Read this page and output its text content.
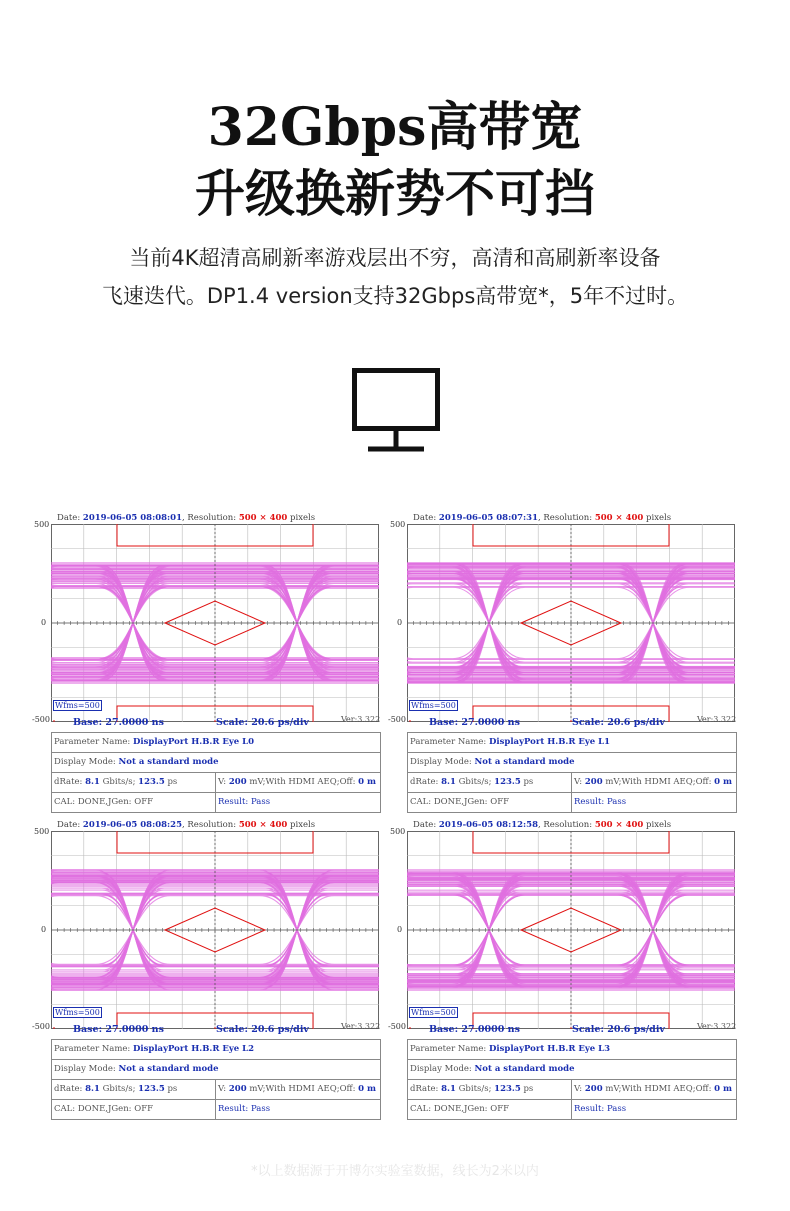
32Gbps高带宽
升级换新势不可挡
当前4K超清高刷新率游戏层出不穷，高清和高刷新率设备
飞速迭代。DP1.4 version支持32Gbps高带宽*，5年不过时。
500
0
-500
Date: 2019-06-05 08:08:01, Resolution: 500 × 400 pixels
Wfms=500
Base: 27.0000 ns	Scale: 20.6 ps/div	Ver:3.322
Parameter Name: DisplayPort H.B.R Eye L0
Display Mode: Not a standard mode
dRate: 8.1 Gbits/s; 123.5 ps	V: 200 mV;With HDMI AEQ;Off: 0 m
CAL: DONE,JGen: OFF	Result: Pass
500
0
-500
Date: 2019-06-05 08:07:31, Resolution: 500 × 400 pixels
Wfms=500
Base: 27.0000 ns	Scale: 20.6 ps/div	Ver:3.322
Parameter Name: DisplayPort H.B.R Eye L1
Display Mode: Not a standard mode
dRate: 8.1 Gbits/s; 123.5 ps	V: 200 mV;With HDMI AEQ;Off: 0 m
CAL: DONE,JGen: OFF	Result: Pass
500
0
-500
Date: 2019-06-05 08:08:25, Resolution: 500 × 400 pixels
Wfms=500
Base: 27.0000 ns	Scale: 20.6 ps/div	Ver:3.322
Parameter Name: DisplayPort H.B.R Eye L2
Display Mode: Not a standard mode
dRate: 8.1 Gbits/s; 123.5 ps	V: 200 mV;With HDMI AEQ;Off: 0 m
CAL: DONE,JGen: OFF	Result: Pass
500
0
-500
Date: 2019-06-05 08:12:58, Resolution: 500 × 400 pixels
Wfms=500
Base: 27.0000 ns	Scale: 20.6 ps/div	Ver:3.322
Parameter Name: DisplayPort H.B.R Eye L3
Display Mode: Not a standard mode
dRate: 8.1 Gbits/s; 123.5 ps	V: 200 mV;With HDMI AEQ;Off: 0 m
CAL: DONE,JGen: OFF	Result: Pass
*以上数据源于开博尔实验室数据，线长为2米以内
